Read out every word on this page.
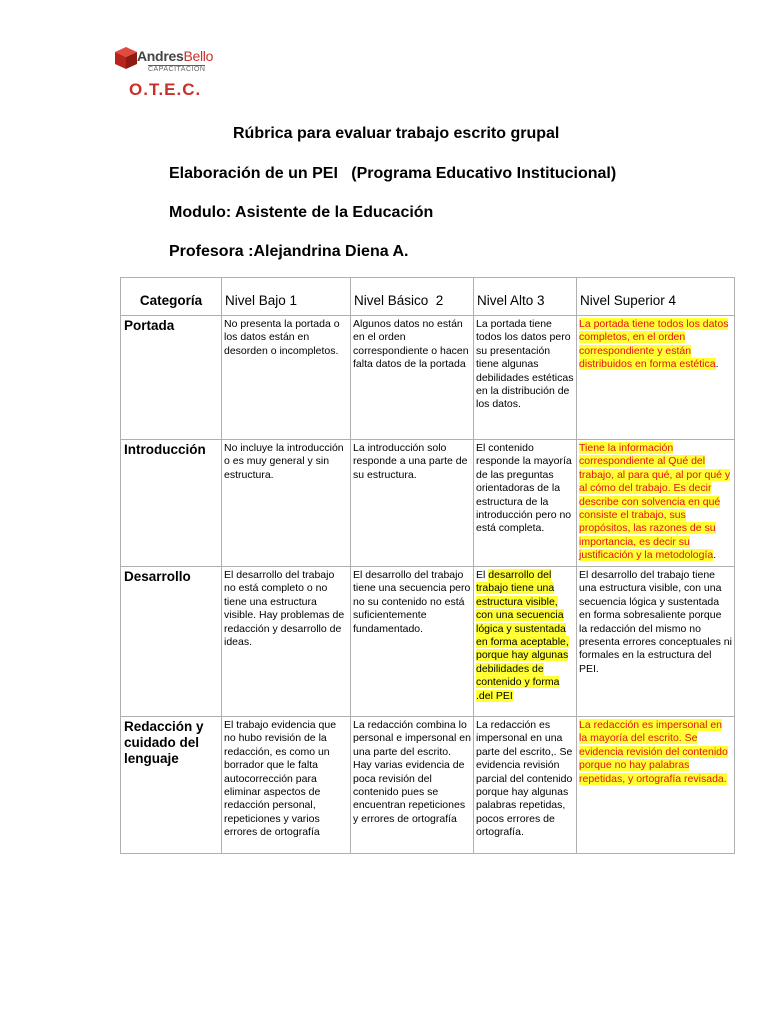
AndresBello
CAPACITACION
O.T.E.C.
Rúbrica para evaluar trabajo escrito grupal
Elaboración de un PEI   (Programa Educativo Institucional)
Modulo: Asistente de la Educación
Profesora :Alejandrina Diena A.
Categoría	Nivel Bajo 1	Nivel Básico  2	Nivel Alto 3	Nivel Superior 4
Portada	No presenta la portada o los datos están en desorden o incompletos.	Algunos datos no están en el orden correspondiente o hacen falta datos de la portada	La portada tiene todos los datos pero su presentación tiene algunas debilidades estéticas en la distribución de los datos.	La portada tiene todos los datos completos, en el orden correspondiente y están distribuidos en forma estética.
Introducción	No incluye la introducción o es muy general y sin estructura.	La introducción solo responde a una parte de su estructura.	El contenido responde la mayoría de las preguntas orientadoras de la estructura de la introducción pero no está completa.	Tiene la información correspondiente al Qué del trabajo, al para qué, al por qué y al cómo del trabajo. Es decir describe con solvencia en qué consiste el trabajo, sus propósitos, las razones de su importancia, es decir su justificación y la metodología.
Desarrollo	El desarrollo del trabajo no está completo o no tiene una estructura visible. Hay problemas de redacción y desarrollo de ideas.	El desarrollo del trabajo tiene una secuencia pero no su contenido no está suficientemente fundamentado.	El desarrollo del trabajo tiene una estructura visible, con una secuencia lógica y sustentada en forma aceptable, porque hay algunas debilidades de contenido y forma .del PEI	El desarrollo del trabajo tiene una estructura visible, con una secuencia lógica y sustentada en forma sobresaliente porque la redacción del mismo no presenta errores conceptuales ni formales en la estructura del PEI.
Redacción y cuidado del lenguaje	El trabajo evidencia que no hubo revisión de la redacción, es como un borrador que le falta autocorrección para eliminar aspectos de redacción personal, repeticiones y varios errores de ortografía	La redacción combina lo personal e impersonal en una parte del escrito. Hay varias evidencia de poca revisión del contenido pues se encuentran repeticiones y errores de ortografía	La redacción es impersonal en una parte del escrito,. Se evidencia revisión parcial del contenido porque hay algunas palabras repetidas, pocos errores de ortografía.	La redacción es impersonal en la mayoría del escrito. Se evidencia revisión del contenido porque no hay palabras repetidas, y ortografía revisada.
